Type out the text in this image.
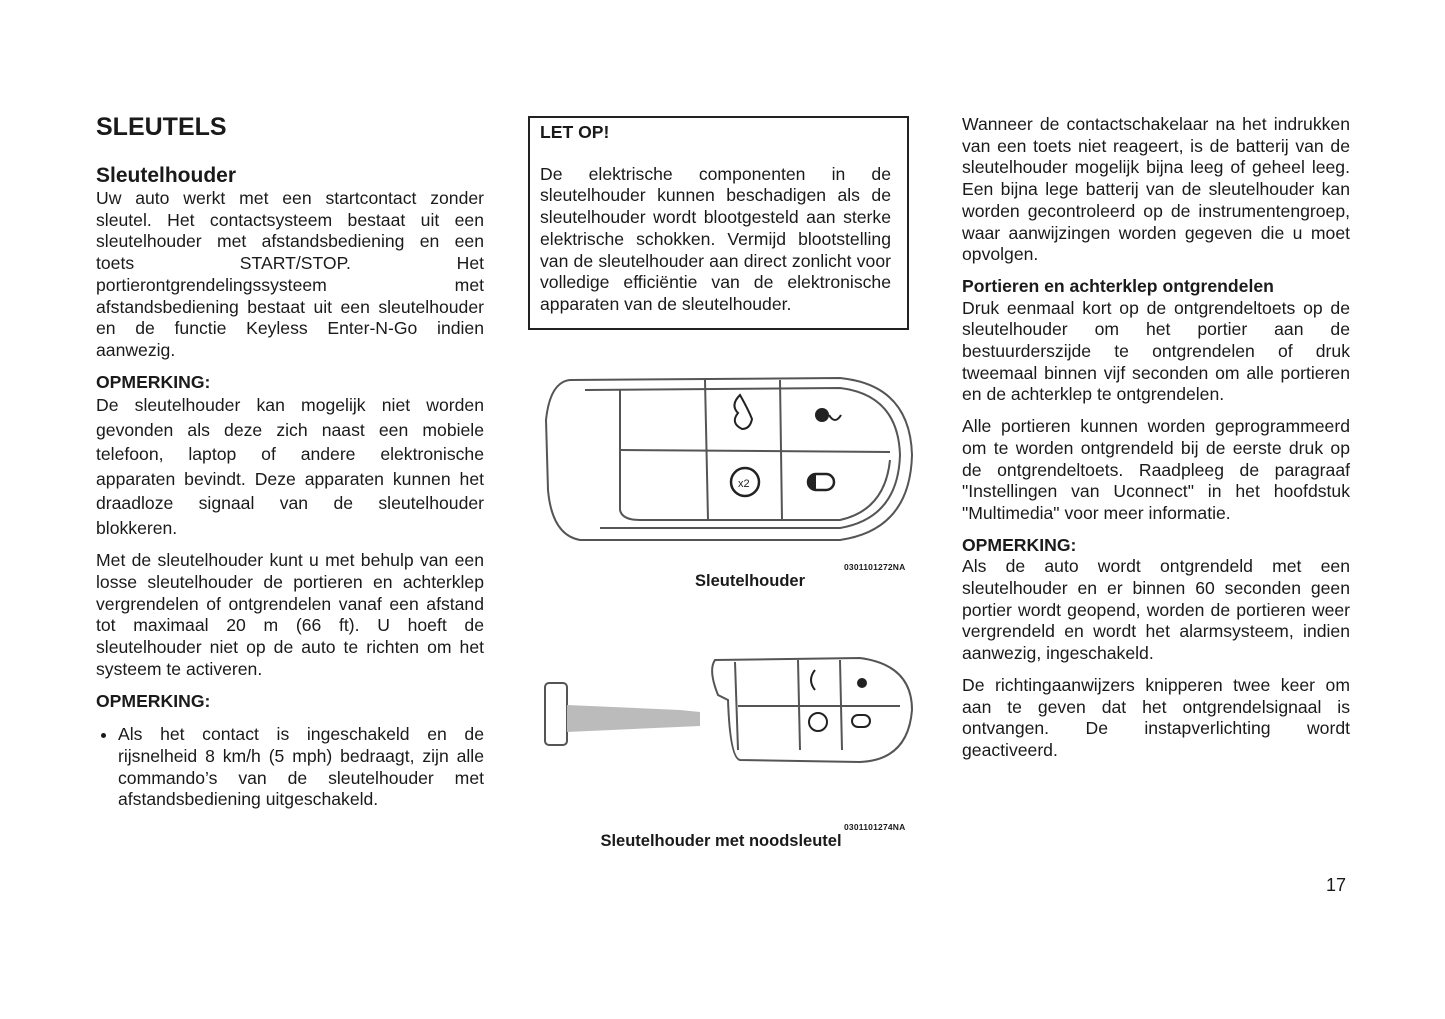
SLEUTELS
Sleutelhouder

Uw auto werkt met een startcontact zonder sleutel. Het contactsysteem bestaat uit een sleutelhouder met afstandsbediening en een toets START/STOP. Het portierontgrendelingssysteem met afstandsbediening bestaat uit een sleutelhouder en de functie Keyless Enter-N-Go indien aanwezig.

OPMERKING:

De sleutelhouder kan mogelijk niet worden gevonden als deze zich naast een mobiele telefoon, laptop of andere elektronische apparaten bevindt. Deze apparaten kunnen het draadloze signaal van de sleutelhouder blokkeren.

Met de sleutelhouder kunt u met behulp van een losse sleutelhouder de portieren en achterklep vergrendelen of ontgrendelen vanaf een afstand tot maximaal 20 m (66 ft). U hoeft de sleutelhouder niet op de auto te richten om het systeem te activeren.

OPMERKING:
• Als het contact is ingeschakeld en de rijsnelheid 8 km/h (5 mph) bedraagt, zijn alle commando’s van de sleutelhouder met afstandsbediening uitgeschakeld.
LET OP!

De elektrische componenten in de sleutelhouder kunnen beschadigen als de sleutelhouder wordt blootgesteld aan sterke elektrische schokken. Vermijd blootstelling van de sleutelhouder aan direct zonlicht voor volledige efficiëntie van de elektronische apparaten van de sleutelhouder.

x2
0301101272NA
Sleutelhouder
0301101274NA
Sleutelhouder met noodsleutel

Wanneer de contactschakelaar na het indrukken van een toets niet reageert, is de batterij van de sleutelhouder mogelijk bijna leeg of geheel leeg. Een bijna lege batterij van de sleutelhouder kan worden gecontroleerd op de instrumentengroep, waar aanwijzingen worden gegeven die u moet opvolgen.

Portieren en achterklep ontgrendelen

Druk eenmaal kort op de ontgrendeltoets op de sleutelhouder om het portier aan de bestuurderszijde te ontgrendelen of druk tweemaal binnen vijf seconden om alle portieren en de achterklep te ontgrendelen.

Alle portieren kunnen worden geprogrammeerd om te worden ontgrendeld bij de eerste druk op de ontgrendeltoets. Raadpleeg de paragraaf "Instellingen van Uconnect" in het hoofdstuk "Multimedia" voor meer informatie.

OPMERKING:

Als de auto wordt ontgrendeld met een sleutelhouder en er binnen 60 seconden geen portier wordt geopend, worden de portieren weer vergrendeld en wordt het alarmsysteem, indien aanwezig, ingeschakeld.

De richtingaanwijzers knipperen twee keer om aan te geven dat het ontgrendelsignaal is ontvangen. De instapverlichting wordt geactiveerd.

17
